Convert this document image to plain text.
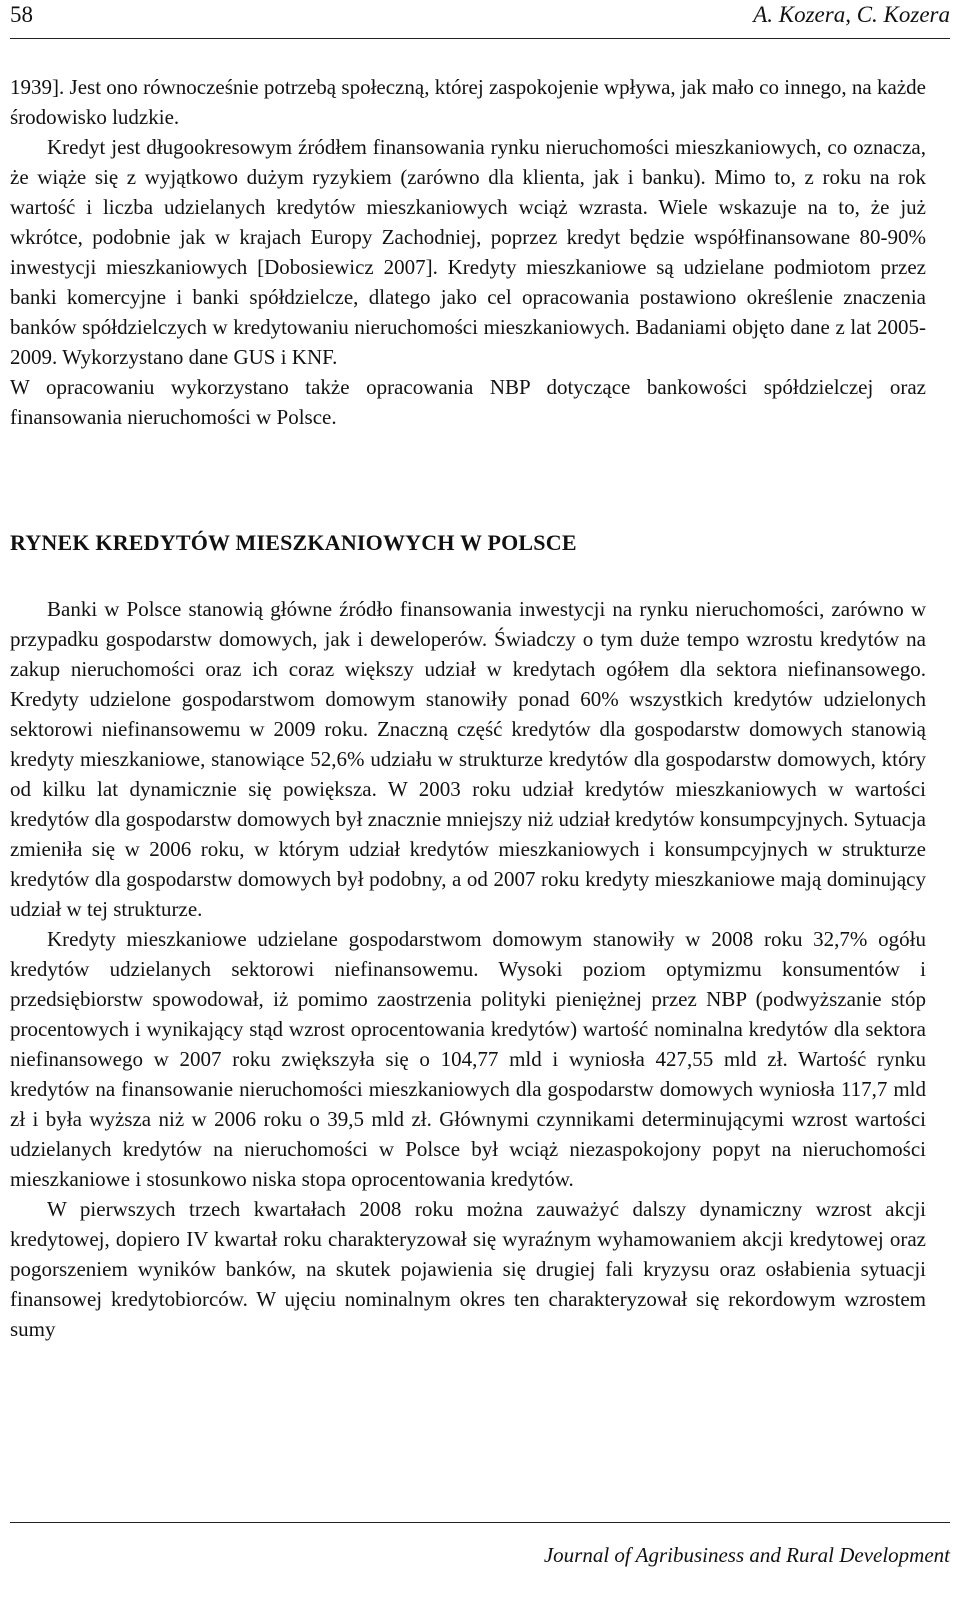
58	A. Kozera, C. Kozera

1939]. Jest ono równocześnie potrzebą społeczną, której zaspokojenie wpływa, jak mało co innego, na każde środowisko ludzkie.

Kredyt jest długookresowym źródłem finansowania rynku nieruchomości mieszkaniowych, co oznacza, że wiąże się z wyjątkowo dużym ryzykiem (zarówno dla klienta, jak i banku). Mimo to, z roku na rok wartość i liczba udzielanych kredytów mieszkaniowych wciąż wzrasta. Wiele wskazuje na to, że już wkrótce, podobnie jak w krajach Europy Zachodniej, poprzez kredyt będzie współfinansowane 80-90% inwestycji mieszkaniowych [Dobosiewicz 2007]. Kredyty mieszkaniowe są udzielane podmiotom przez banki komercyjne i banki spółdzielcze, dlatego jako cel opracowania postawiono określenie znaczenia banków spółdzielczych w kredytowaniu nieruchomości mieszkaniowych. Badaniami objęto dane z lat 2005-2009. Wykorzystano dane GUS i KNF.

W opracowaniu wykorzystano także opracowania NBP dotyczące bankowości spółdzielczej oraz finansowania nieruchomości w Polsce.

RYNEK KREDYTÓW MIESZKANIOWYCH W POLSCE

Banki w Polsce stanowią główne źródło finansowania inwestycji na rynku nieruchomości, zarówno w przypadku gospodarstw domowych, jak i deweloperów. Świadczy o tym duże tempo wzrostu kredytów na zakup nieruchomości oraz ich coraz większy udział w kredytach ogółem dla sektora niefinansowego. Kredyty udzielone gospodarstwom domowym stanowiły ponad 60% wszystkich kredytów udzielonych sektorowi niefinansowemu w 2009 roku. Znaczną część kredytów dla gospodarstw domowych stanowią kredyty mieszkaniowe, stanowiące 52,6% udziału w strukturze kredytów dla gospodarstw domowych, który od kilku lat dynamicznie się powiększa. W 2003 roku udział kredytów mieszkaniowych w wartości kredytów dla gospodarstw domowych był znacznie mniejszy niż udział kredytów konsumpcyjnych. Sytuacja zmieniła się w 2006 roku, w którym udział kredytów mieszkaniowych i konsumpcyjnych w strukturze kredytów dla gospodarstw domowych był podobny, a od 2007 roku kredyty mieszkaniowe mają dominujący udział w tej strukturze.

Kredyty mieszkaniowe udzielane gospodarstwom domowym stanowiły w 2008 roku 32,7% ogółu kredytów udzielanych sektorowi niefinansowemu. Wysoki poziom optymizmu konsumentów i przedsiębiorstw spowodował, iż pomimo zaostrzenia polityki pieniężnej przez NBP (podwyższanie stóp procentowych i wynikający stąd wzrost oprocentowania kredytów) wartość nominalna kredytów dla sektora niefinansowego w 2007 roku zwiększyła się o 104,77 mld i wyniosła 427,55 mld zł. Wartość rynku kredytów na finansowanie nieruchomości mieszkaniowych dla gospodarstw domowych wyniosła 117,7 mld zł i była wyższa niż w 2006 roku o 39,5 mld zł. Głównymi czynnikami determinującymi wzrost wartości udzielanych kredytów na nieruchomości w Polsce był wciąż niezaspokojony popyt na nieruchomości mieszkaniowe i stosunkowo niska stopa oprocentowania kredytów.

W pierwszych trzech kwartałach 2008 roku można zauważyć dalszy dynamiczny wzrost akcji kredytowej, dopiero IV kwartał roku charakteryzował się wyraźnym wyhamowaniem akcji kredytowej oraz pogorszeniem wyników banków, na skutek pojawienia się drugiej fali kryzysu oraz osłabienia sytuacji finansowej kredytobiorców. W ujęciu nominalnym okres ten charakteryzował się rekordowym wzrostem sumy

Journal of Agribusiness and Rural Development
